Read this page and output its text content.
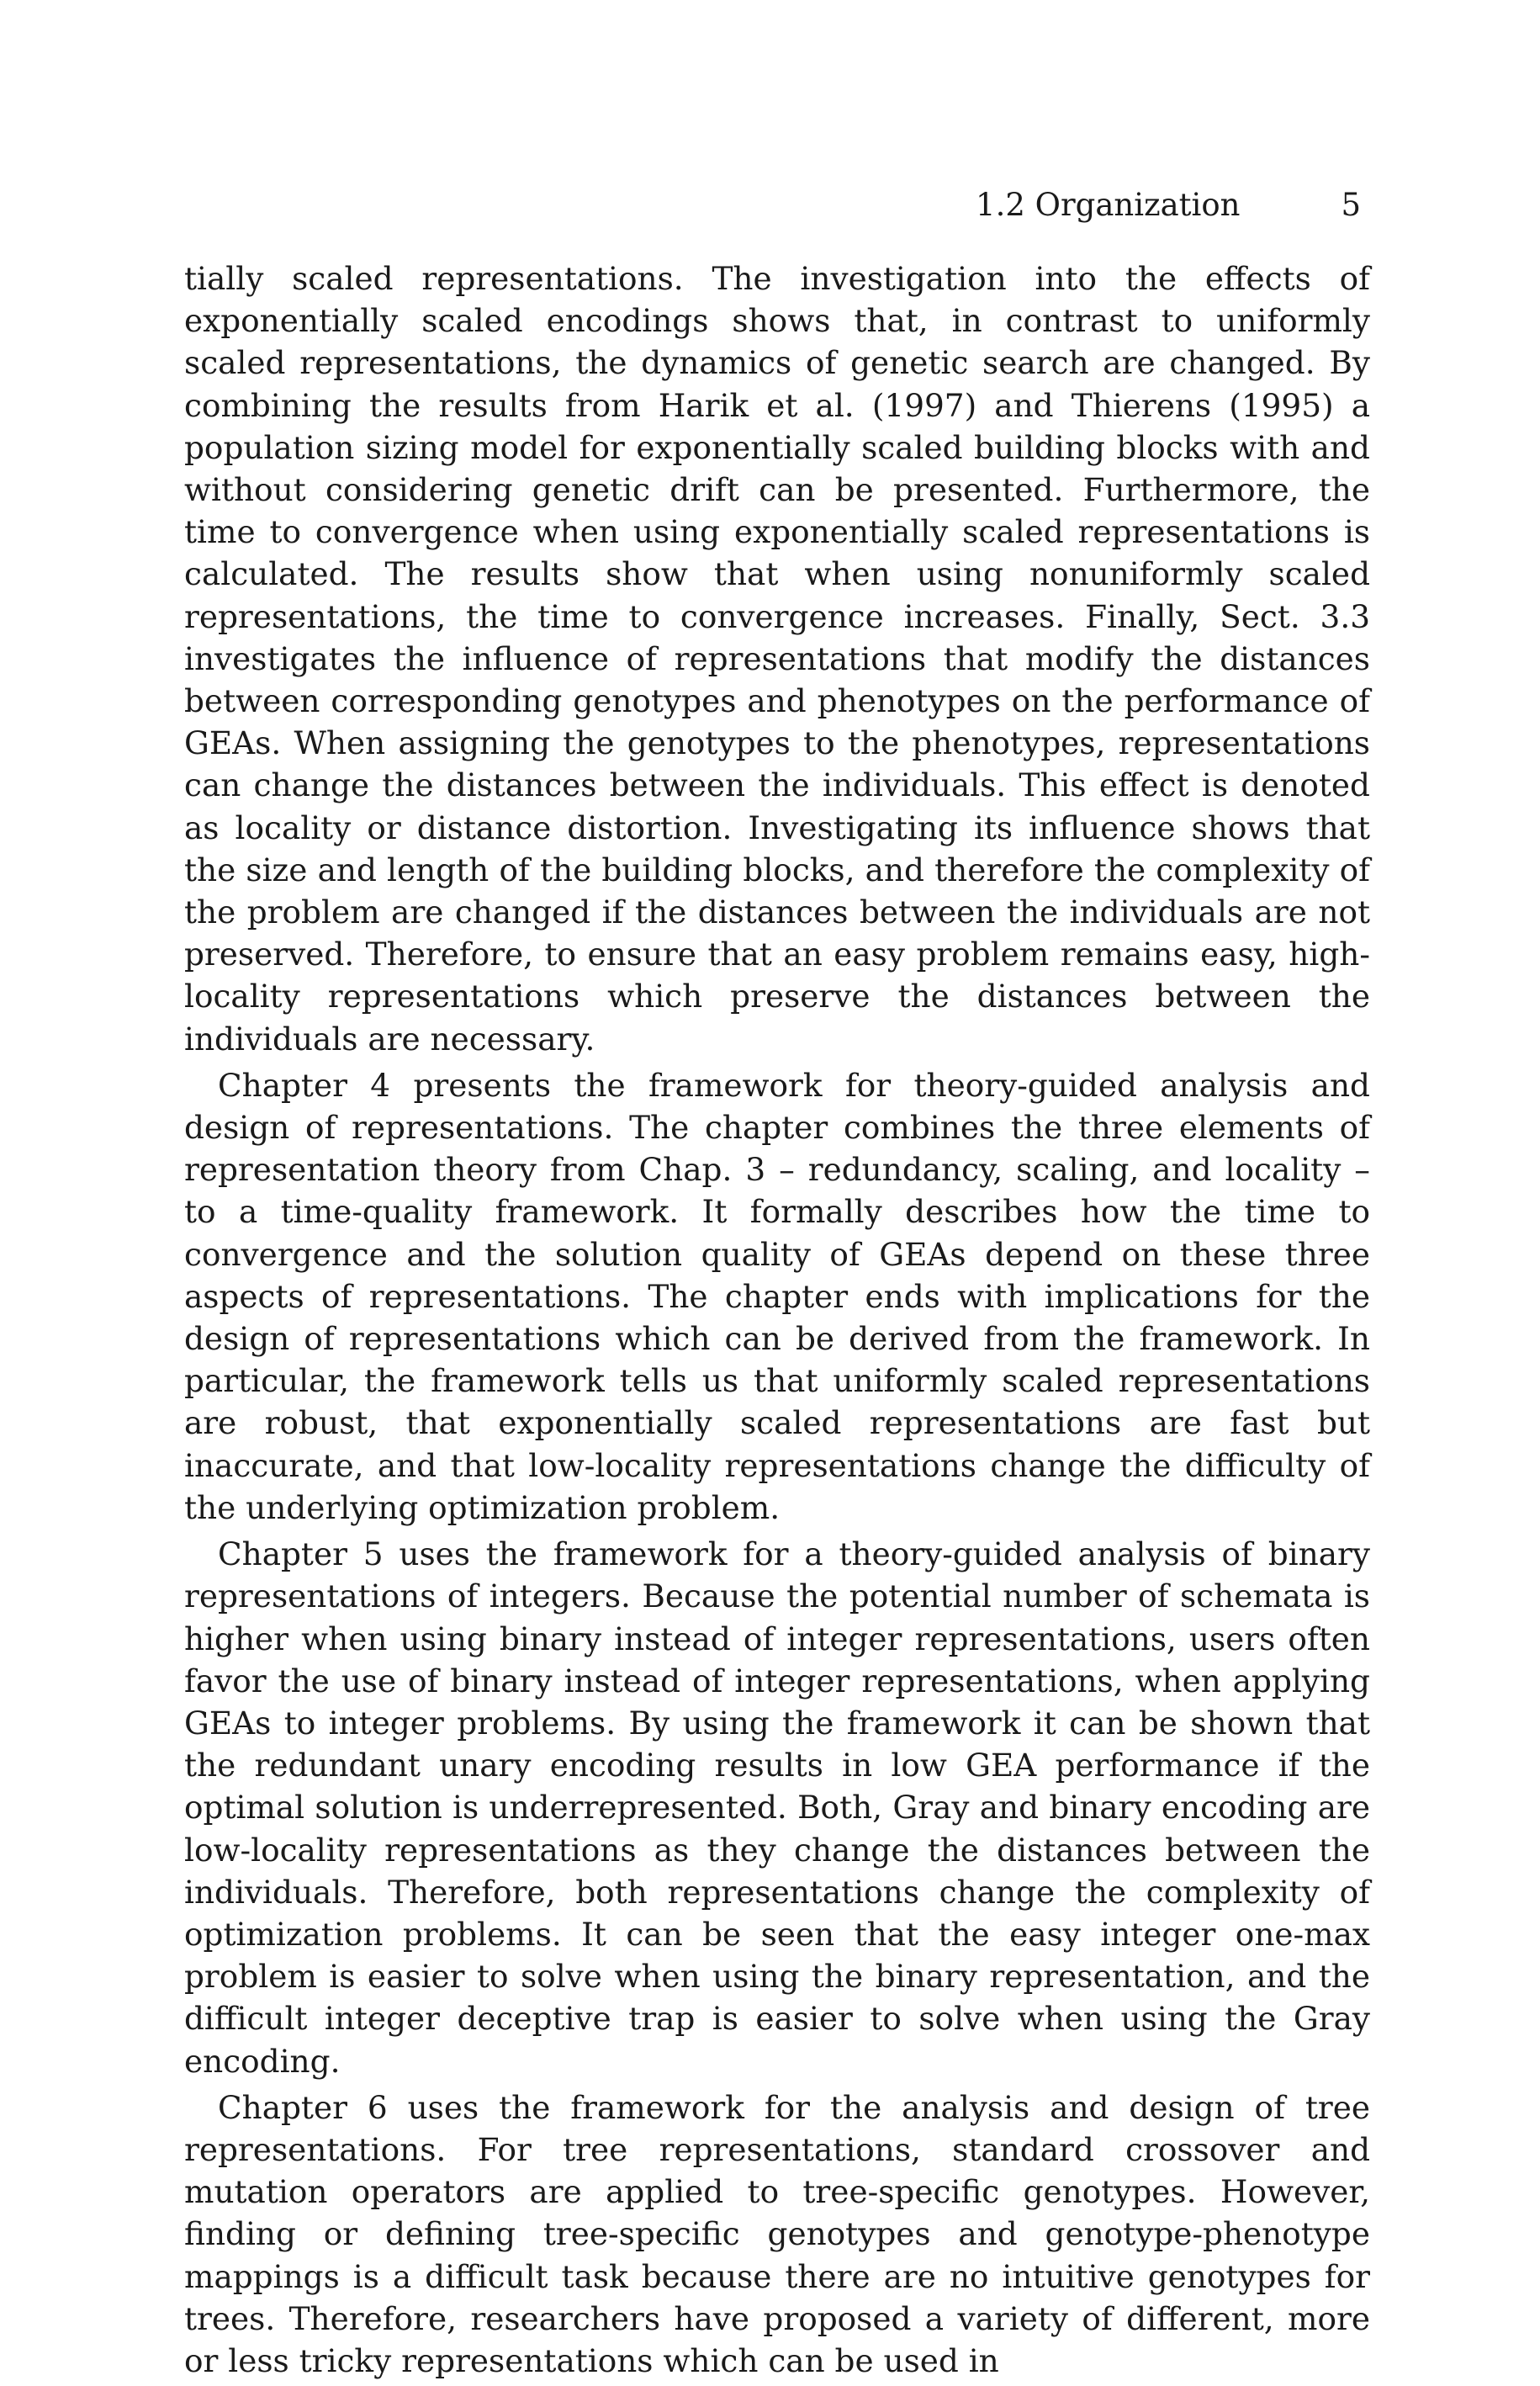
1.2 Organization	5

tially scaled representations. The investigation into the effects of exponentially scaled encodings shows that, in contrast to uniformly scaled representations, the dynamics of genetic search are changed. By combining the results from Harik et al. (1997) and Thierens (1995) a population sizing model for exponentially scaled building blocks with and without considering genetic drift can be presented. Furthermore, the time to convergence when using exponentially scaled representations is calculated. The results show that when using nonuniformly scaled representations, the time to convergence increases. Finally, Sect. 3.3 investigates the influence of representations that modify the distances between corresponding genotypes and phenotypes on the performance of GEAs. When assigning the genotypes to the phenotypes, representations can change the distances between the individuals. This effect is denoted as locality or distance distortion. Investigating its influence shows that the size and length of the building blocks, and therefore the complexity of the problem are changed if the distances between the individuals are not preserved. Therefore, to ensure that an easy problem remains easy, high-locality representations which preserve the distances between the individuals are necessary.

Chapter 4 presents the framework for theory-guided analysis and design of representations. The chapter combines the three elements of representation theory from Chap. 3 – redundancy, scaling, and locality – to a time-quality framework. It formally describes how the time to convergence and the solution quality of GEAs depend on these three aspects of representations. The chapter ends with implications for the design of representations which can be derived from the framework. In particular, the framework tells us that uniformly scaled representations are robust, that exponentially scaled representations are fast but inaccurate, and that low-locality representations change the difficulty of the underlying optimization problem.

Chapter 5 uses the framework for a theory-guided analysis of binary representations of integers. Because the potential number of schemata is higher when using binary instead of integer representations, users often favor the use of binary instead of integer representations, when applying GEAs to integer problems. By using the framework it can be shown that the redundant unary encoding results in low GEA performance if the optimal solution is underrepresented. Both, Gray and binary encoding are low-locality representations as they change the distances between the individuals. Therefore, both representations change the complexity of optimization problems. It can be seen that the easy integer one-max problem is easier to solve when using the binary representation, and the difficult integer deceptive trap is easier to solve when using the Gray encoding.

Chapter 6 uses the framework for the analysis and design of tree representations. For tree representations, standard crossover and mutation operators are applied to tree-specific genotypes. However, finding or defining tree-specific genotypes and genotype-phenotype mappings is a difficult task because there are no intuitive genotypes for trees. Therefore, researchers have proposed a variety of different, more or less tricky representations which can be used in
